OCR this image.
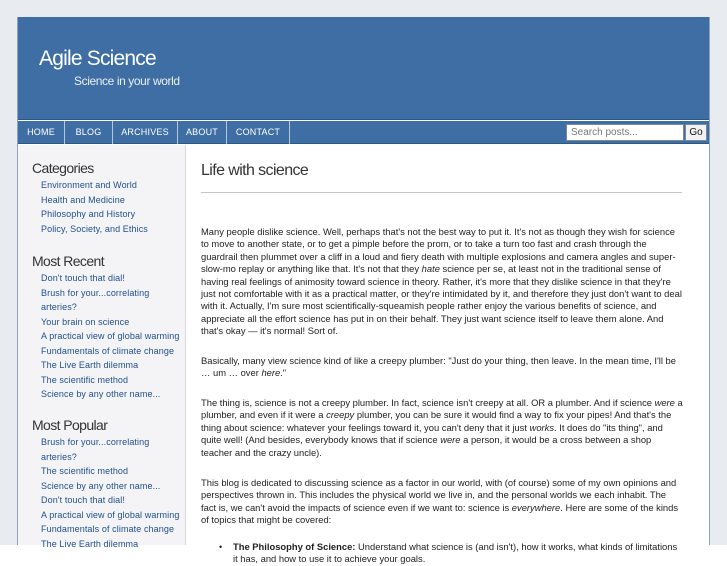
Agile Science
Science in your world
HOME	BLOG	ARCHIVES	ABOUT	CONTACT
Search posts...	Go
Categories
Environment and World
Health and Medicine
Philosophy and History
Policy, Society, and Ethics
Most Recent
Don't touch that dial!
Brush for your...correlating arteries?
Your brain on science
A practical view of global warming
Fundamentals of climate change
The Live Earth dilemma
The scientific method
Science by any other name...
Most Popular
Brush for your...correlating arteries?
The scientific method
Science by any other name...
Don't touch that dial!
A practical view of global warming
Fundamentals of climate change
The Live Earth dilemma
Life with science

Many people dislike science. Well, perhaps that's not the best way to put it. It's not as though they wish for science to move to another state, or to get a pimple before the prom, or to take a turn too fast and crash through the guardrail then plummet over a cliff in a loud and fiery death with multiple explosions and camera angles and super-slow-mo replay or anything like that. It's not that they hate science per se, at least not in the traditional sense of having real feelings of animosity toward science in theory. Rather, it's more that they dislike science in that they're just not comfortable with it as a practical matter, or they're intimidated by it, and therefore they just don't want to deal with it. Actually, I'm sure most scientifically-squeamish people rather enjoy the various benefits of science, and appreciate all the effort science has put in on their behalf. They just want science itself to leave them alone. And that's okay — it's normal! Sort of.

Basically, many view science kind of like a creepy plumber: "Just do your thing, then leave. In the mean time, I'll be … um … over here."

The thing is, science is not a creepy plumber. In fact, science isn't creepy at all. OR a plumber. And if science were a plumber, and even if it were a creepy plumber, you can be sure it would find a way to fix your pipes! And that's the thing about science: whatever your feelings toward it, you can't deny that it just works. It does do "its thing", and quite well! (And besides, everybody knows that if science were a person, it would be a cross between a shop teacher and the crazy uncle).

This blog is dedicated to discussing science as a factor in our world, with (of course) some of my own opinions and perspectives thrown in. This includes the physical world we live in, and the personal worlds we each inhabit. The fact is, we can't avoid the impacts of science even if we want to: science is everywhere. Here are some of the kinds of topics that might be covered:

• The Philosophy of Science: Understand what science is (and isn't), how it works, what kinds of limitations it has, and how to use it to achieve your goals.
